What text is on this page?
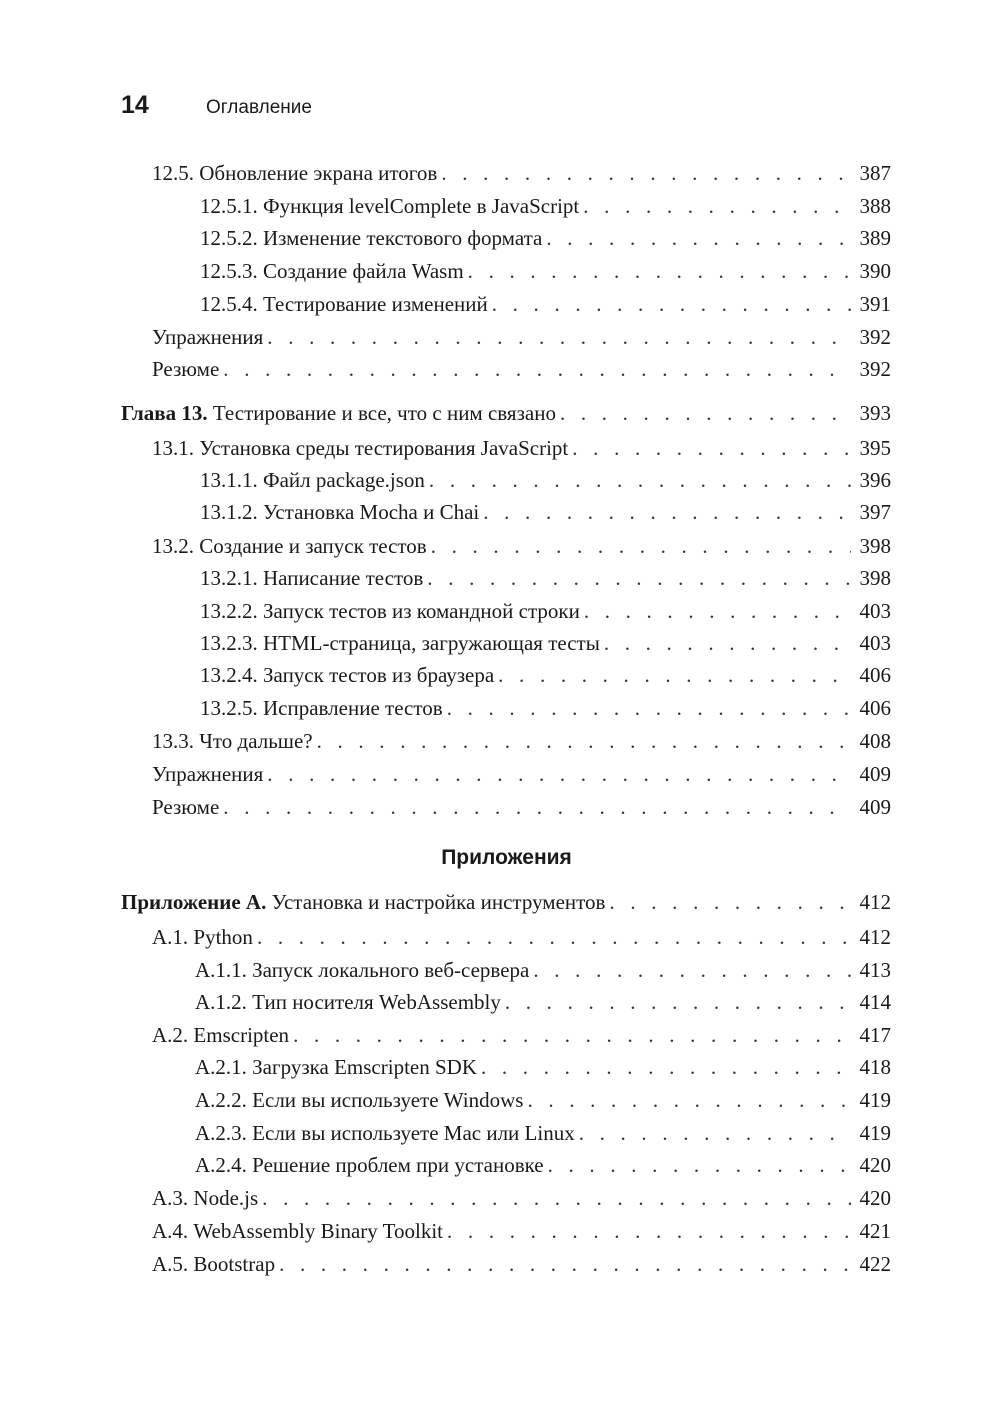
14	Оглавление
12.5. Обновление экрана итогов . . .	387
12.5.1. Функция levelComplete в JavaScript . . .	388
12.5.2. Изменение текстового формата . . .	389
12.5.3. Создание файла Wasm . . .	390
12.5.4. Тестирование изменений . . .	391
Упражнения . . .	392
Резюме . . .	392
Глава 13. Тестирование и все, что с ним связано . . .	393
13.1. Установка среды тестирования JavaScript . . .	395
13.1.1. Файл package.json . . .	396
13.1.2. Установка Mocha и Chai . . .	397
13.2. Создание и запуск тестов . . .	398
13.2.1. Написание тестов . . .	398
13.2.2. Запуск тестов из командной строки . . .	403
13.2.3. HTML-страница, загружающая тесты . . .	403
13.2.4. Запуск тестов из браузера . . .	406
13.2.5. Исправление тестов . . .	406
13.3. Что дальше? . . .	408
Упражнения . . .	409
Резюме . . .	409
Приложения
Приложение А. Установка и настройка инструментов . . .	412
А.1. Python . . .	412
А.1.1. Запуск локального веб-сервера . . .	413
А.1.2. Тип носителя WebAssembly . . .	414
А.2. Emscripten . . .	417
А.2.1. Загрузка Emscripten SDK . . .	418
А.2.2. Если вы используете Windows . . .	419
А.2.3. Если вы используете Mac или Linux . . .	419
А.2.4. Решение проблем при установке . . .	420
А.3. Node.js . . .	420
А.4. WebAssembly Binary Toolkit . . .	421
А.5. Bootstrap . . .	422
